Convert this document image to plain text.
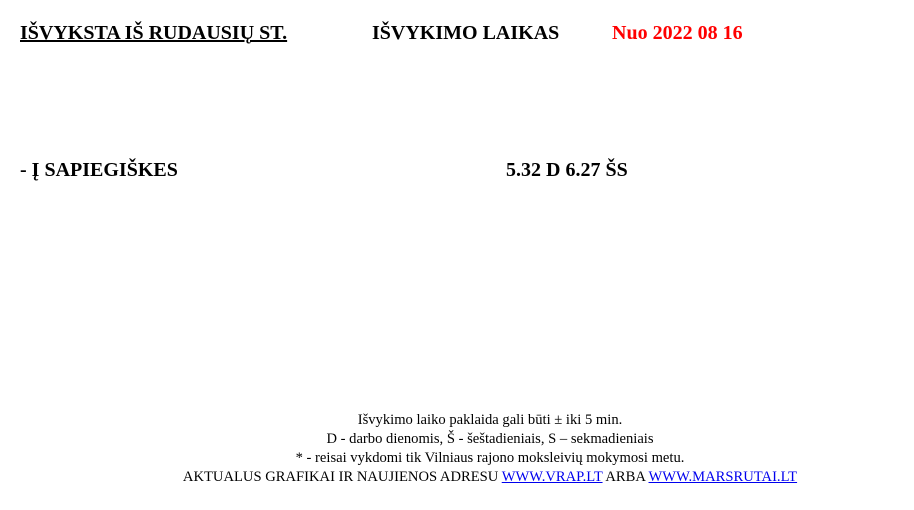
IŠVYKSTA IŠ RUDAUSIŲ ST.	IŠVYKIMO LAIKAS	Nuo 2022 08 16
- Į SAPIEGIŠKES	5.32 D 6.27 ŠS
Išvykimo laiko paklaida gali būti ± iki 5 min.
D - darbo dienomis, Š - šeštadieniais, S – sekmadieniais
* - reisai vykdomi tik Vilniaus rajono moksleivių mokymosi metu.
AKTUALUS GRAFIKAI IR NAUJIENOS ADRESU WWW.VRAP.LT ARBA WWW.MARSRUTAI.LT
